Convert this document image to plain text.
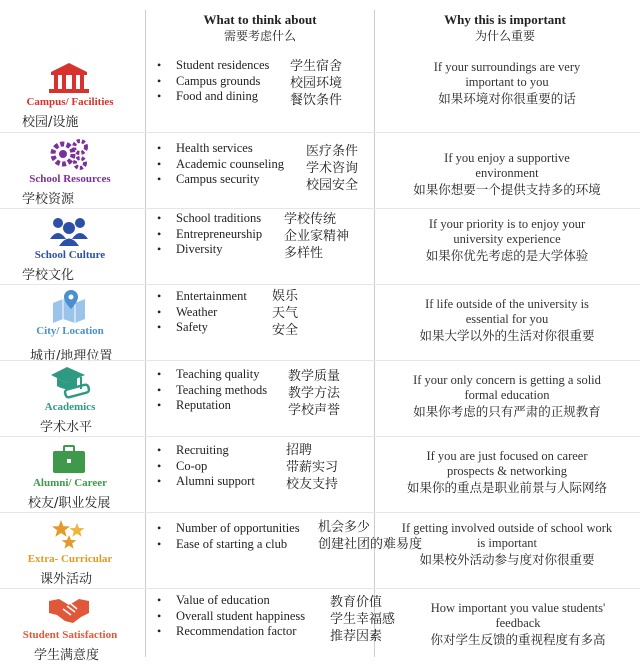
What to think about
需要考虑什么
Why this is important
为什么重要
Campus/ Facilities
校园/设施
• Student residences
• Campus grounds
• Food and dining
学生宿舍
校园环境
餐饮条件
If your surroundings are very important to you
如果环境对你很重要的话
School Resources
学校资源
• Health services
• Academic counseling
• Campus security
医疗条件
学术咨询
校园安全
If you enjoy a supportive environment
如果你想要一个提供支持多的环境
School Culture
学校文化
• School traditions
• Entrepreneurship
• Diversity
学校传统
企业家精神
多样性
If your priority is to enjoy your university experience
如果你优先考虑的是大学体验
City/ Location
城市/地理位置
• Entertainment
• Weather
• Safety
娱乐
天气
安全
If life outside of the university is essential for you
如果大学以外的生活对你很重要
Academics
学术水平
• Teaching quality
• Teaching methods
• Reputation
教学质量
教学方法
学校声誉
If your only concern is getting a solid formal education
如果你考虑的只有严肃的正规教育
Alumni/ Career
校友/职业发展
• Recruiting
• Co-op
• Alumni support
招聘
带薪实习
校友支持
If you are just focused on career prospects & networking
如果你的重点是职业前景与人际网络
Extra- Curricular
课外活动
• Number of opportunities
• Ease of starting a club
机会多少
创建社团的难易度
If getting involved outside of school work is important
如果校外活动参与度对你很重要
Student Satisfaction
学生满意度
• Value of education
• Overall student happiness
• Recommendation factor
教育价值
学生幸福感
推荐因素
How important you value students' feedback
你对学生反馈的重视程度有多高
